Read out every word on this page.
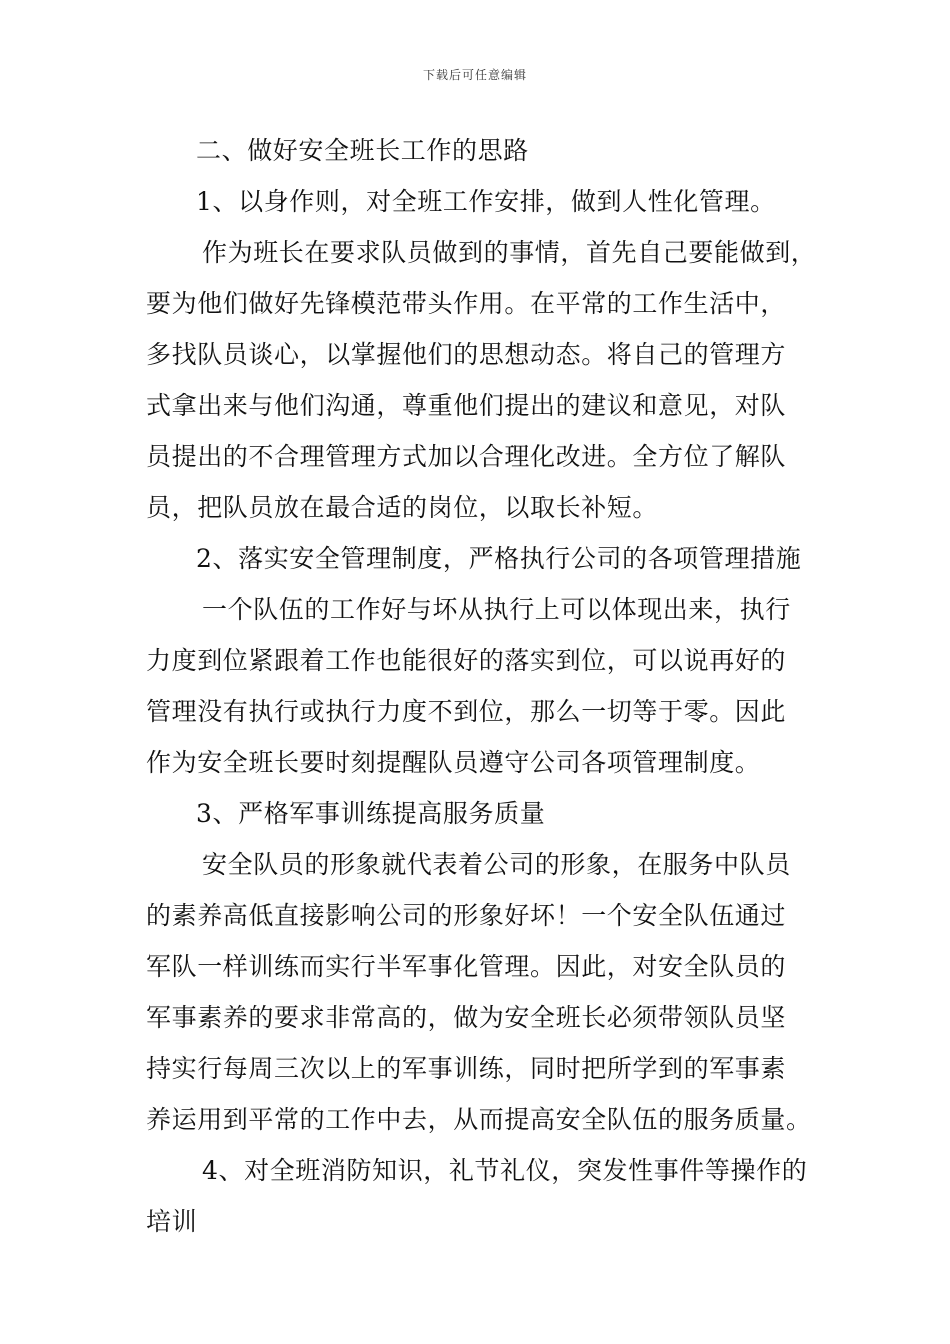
下载后可任意编辑
二、做好安全班长工作的思路
1、以身作则，对全班工作安排，做到人性化管理。
作为班长在要求队员做到的事情，首先自己要能做到，
要为他们做好先锋模范带头作用。在平常的工作生活中，
多找队员谈心，以掌握他们的思想动态。将自己的管理方
式拿出来与他们沟通，尊重他们提出的建议和意见，对队
员提出的不合理管理方式加以合理化改进。全方位了解队
员，把队员放在最合适的岗位，以取长补短。
2、落实安全管理制度，严格执行公司的各项管理措施
一个队伍的工作好与坏从执行上可以体现出来，执行
力度到位紧跟着工作也能很好的落实到位，可以说再好的
管理没有执行或执行力度不到位，那么一切等于零。因此
作为安全班长要时刻提醒队员遵守公司各项管理制度。
3、严格军事训练提高服务质量
安全队员的形象就代表着公司的形象，在服务中队员
的素养高低直接影响公司的形象好坏！一个安全队伍通过
军队一样训练而实行半军事化管理。因此，对安全队员的
军事素养的要求非常高的，做为安全班长必须带领队员坚
持实行每周三次以上的军事训练，同时把所学到的军事素
养运用到平常的工作中去，从而提高安全队伍的服务质量。
4、对全班消防知识，礼节礼仪，突发性事件等操作的
培训
